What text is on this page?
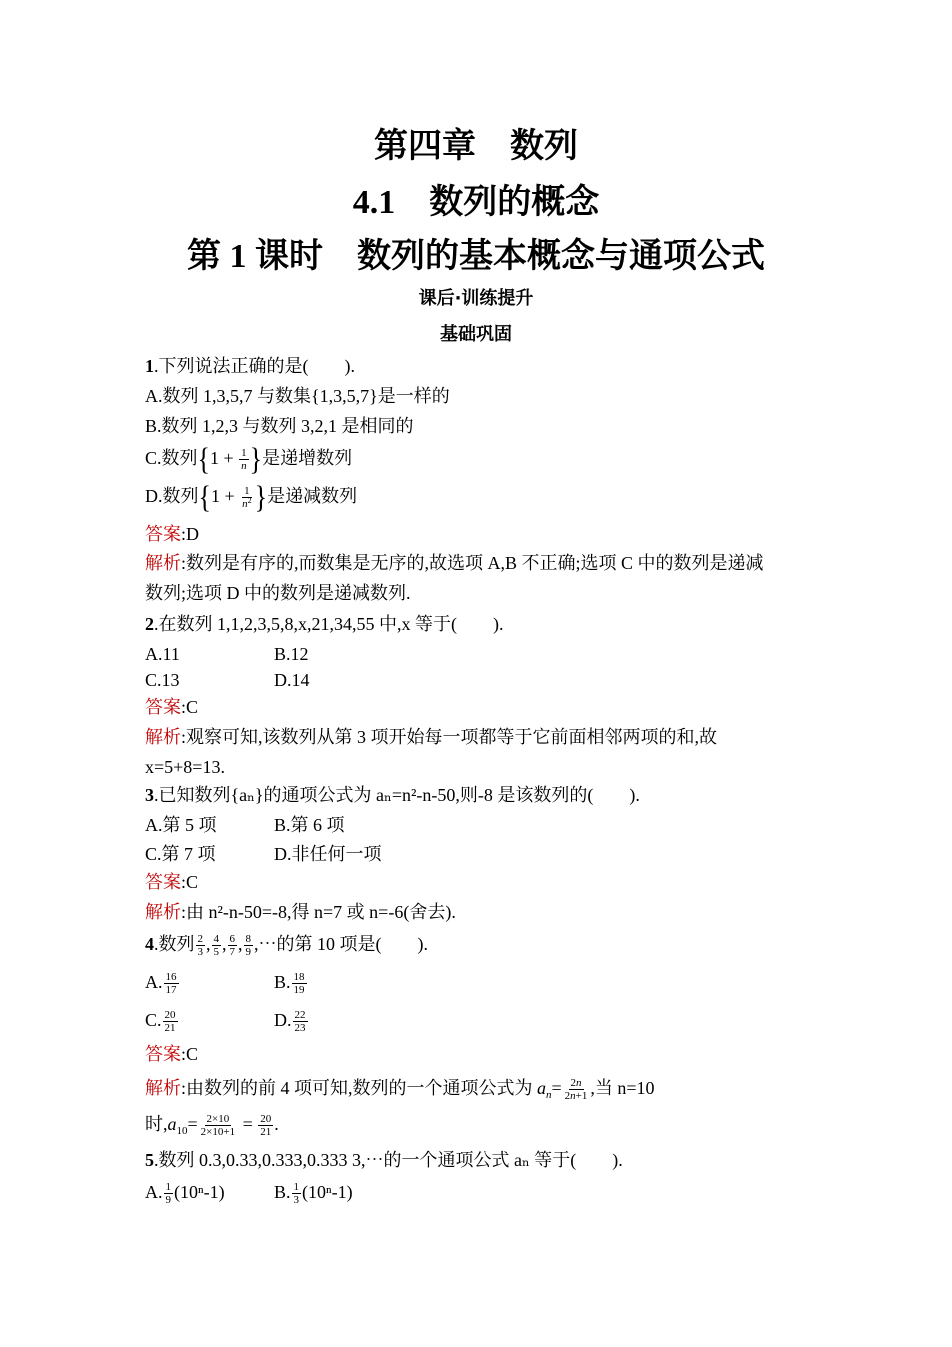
第四章　数列
4.1　数列的概念
第 1 课时　数列的基本概念与通项公式
课后·训练提升
基础巩固
1.下列说法正确的是(　　).
A.数列 1,3,5,7 与数集{1,3,5,7}是一样的
B.数列 1,2,3 与数列 3,2,1 是相同的
C.数列{$1 + \frac{1}{n}$ }是递增数列
D.数列{$1 + \frac{1}{n^2}$ }是递减数列
答案:D
解析:数列是有序的,而数集是无序的,故选项 A,B 不正确;选项 C 中的数列是递减
数列;选项 D 中的数列是递减数列.
2.在数列 1,1,2,3,5,8,x,21,34,55 中,x 等于(　　).
A.11	B.12
C.13	D.14
答案:C
解析:观察可知,该数列从第 3 项开始每一项都等于它前面相邻两项的和,故
x=5+8=13.
3.已知数列{aₙ}的通项公式为 aₙ=n²-n-50,则-8 是该数列的(　　).
A.第 5 项	B.第 6 项
C.第 7 项	D.非任何一项
答案:C
解析:由 n²-n-50=-8,得 n=7 或 n=-6(舍去).
4.数列 $\frac{2}{3}$ , $\frac{4}{5}$ , $\frac{6}{7}$ , $\frac{8}{9}$ ,⋯的第 10 项是(　　).
A. $\frac{16}{17}$	B. $\frac{18}{19}$
C. $\frac{20}{21}$	D. $\frac{22}{23}$
答案:C
解析:由数列的前 4 项可知,数列的一个通项公式为 $a_n= \frac{2n}{2n+1}$ ,当 n=10
时$,a_{10}= \frac{2\times 10}{2\times 10+1} = \frac{20}{21}$ .
5.数列 0.3,0.33,0.333,0.333 3,⋯的一个通项公式 aₙ 等于(　　).
A. $\frac{1}{9} (10^n-1)$	B. $\frac{1}{3} (10^n-1)$
